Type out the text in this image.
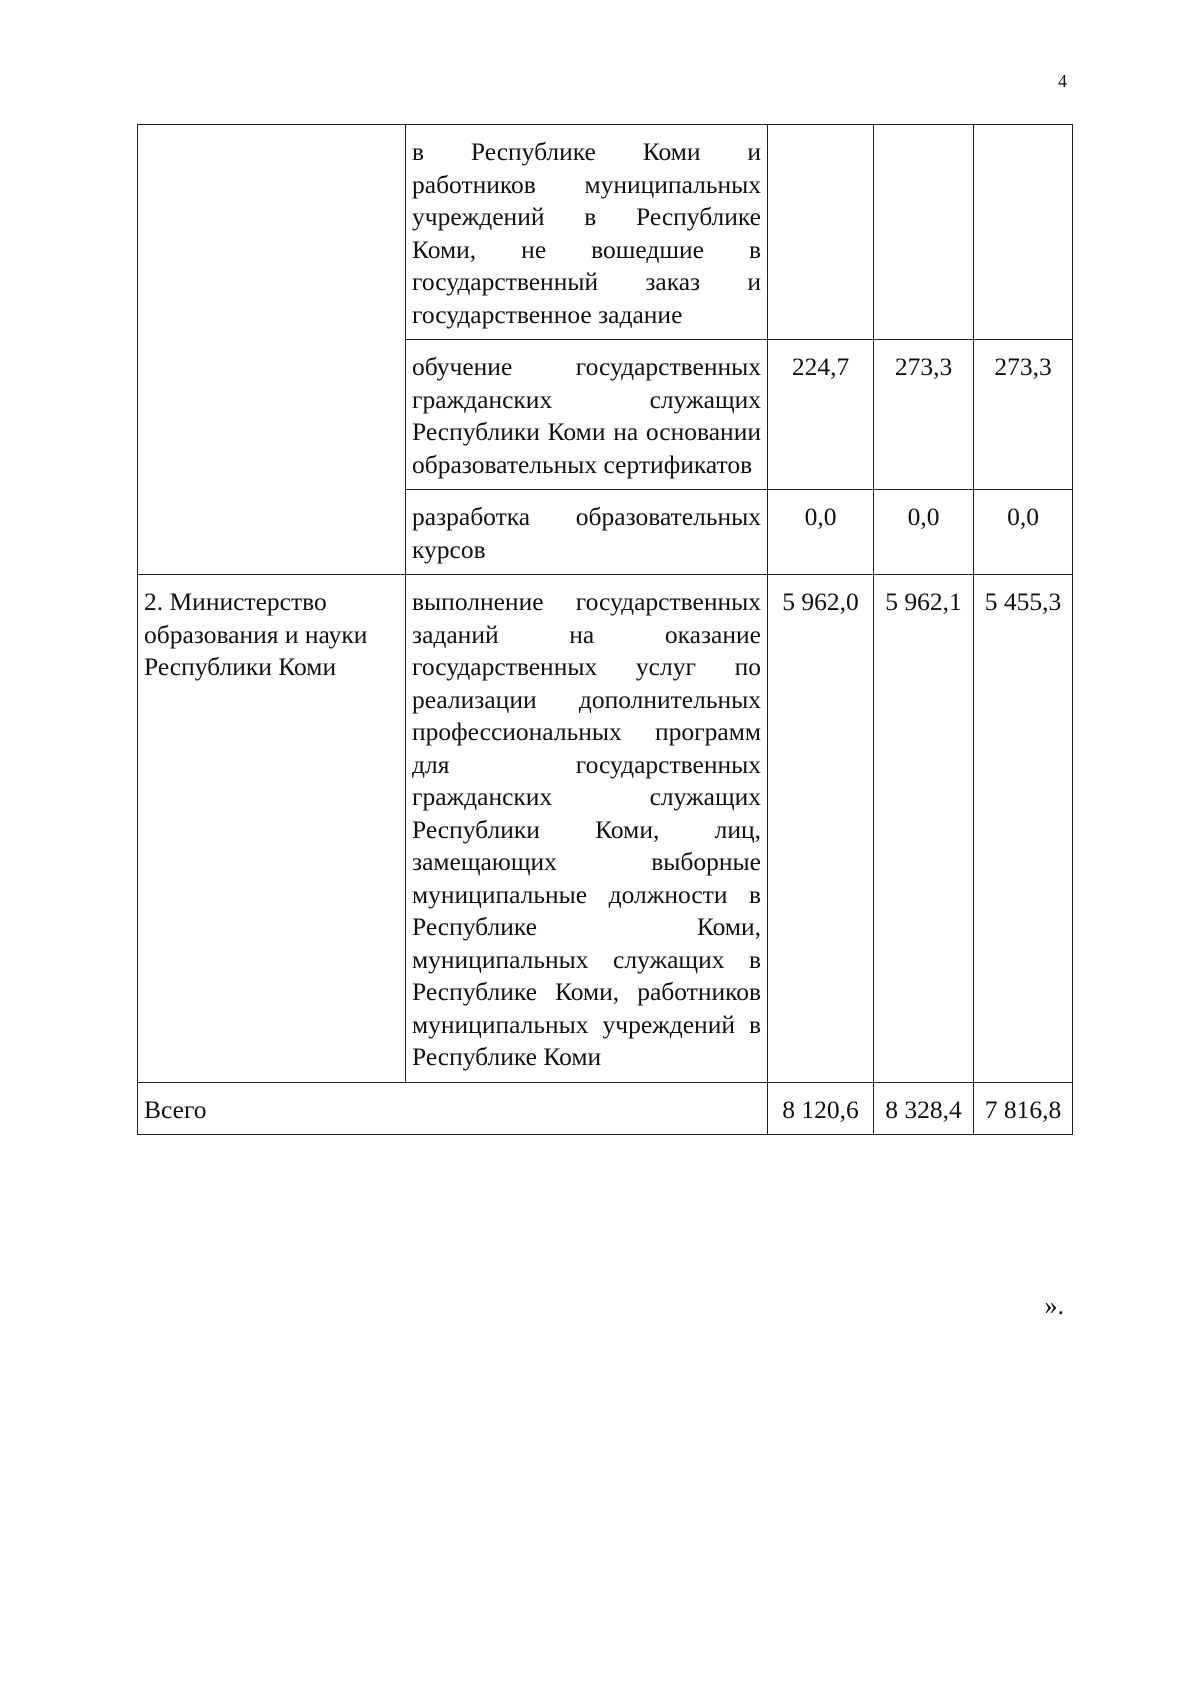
4
	в Республике Коми и работников муниципальных учреждений в Республике Коми, не вошедшие в государственный заказ и государственное задание			
	обучение государственных гражданских служащих Республики Коми на основании образовательных сертификатов	224,7	273,3	273,3
	разработка образовательных курсов	0,0	0,0	0,0
2. Министерство образования и науки Республики Коми	выполнение государственных заданий на оказание государственных услуг по реализации дополнительных профессиональных программ для государственных гражданских служащих Республики Коми, лиц, замещающих выборные муниципальные должности в Республике Коми, муниципальных служащих в Республике Коми, работников муниципальных учреждений в Республике Коми	5 962,0	5 962,1	5 455,3
Всего		8 120,6	8 328,4	7 816,8
».
